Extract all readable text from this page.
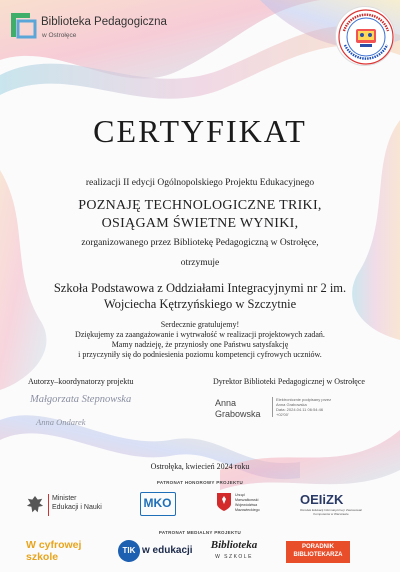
Biblioteka Pedagogiczna
w Ostrołęce
CERTYFIKAT
realizacji II edycji Ogólnopolskiego Projektu Edukacyjnego
POZNAJĘ TECHNOLOGICZNE TRIKI,
OSIĄGAM ŚWIETNE WYNIKI,
zorganizowanego przez Bibliotekę Pedagogiczną w Ostrołęce,
otrzymuje
Szkoła Podstawowa z Oddziałami Integracyjnymi nr 2 im.
Wojciecha Kętrzyńskiego w Szczytnie
Serdecznie gratulujemy!
Dziękujemy za zaangażowanie i wytrwałość w realizacji projektowych zadań.
Mamy nadzieję, że przyniosły one Państwu satysfakcję
i przyczyniły się do podniesienia poziomu kompetencji cyfrowych uczniów.
Autorzy–koordynatorzy projektu	Dyrektor Biblioteki Pedagogicznej w Ostrołęce
Małgorzata Stepnowska
Anna Ondarek
Anna
Grabowska
Elektronicznie podpisany przez
Anna Grabowska
Data: 2024.04.11 06:54:46
+02'00'
Ostrołęka, kwiecień 2024 roku
PATRONAT HONOROWY PROJEKTU
Minister
Edukacji i Nauki	MKO
Urząd
Marszałkowski
Województwa
Mazowieckiego
OEIiZK
Ośrodek Edukacji Informatycznej i Zastosowań Komputerów w Warszawie
PATRONAT MEDIALNY PROJEKTU
W cyfrowej
szkole
TIK w edukacji	Biblioteka
W SZKOLE
PORADNIK
BIBLIOTEKARZA
